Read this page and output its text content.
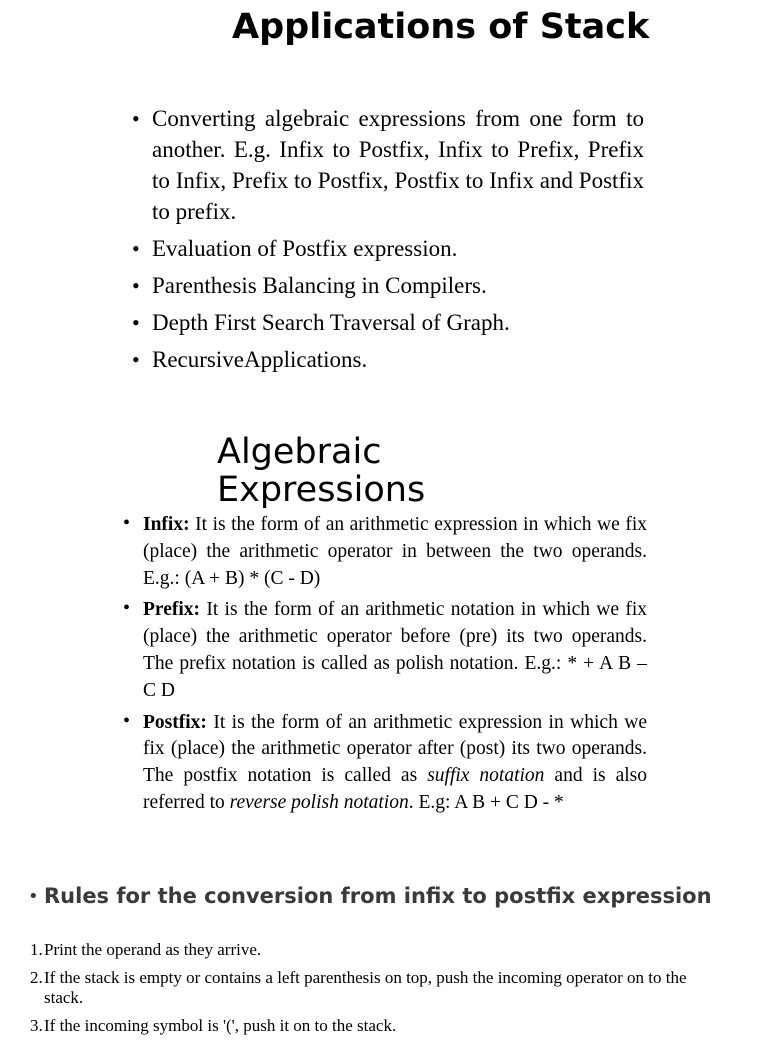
Applications of Stack
• Converting algebraic expressions from one form to another. E.g. Infix to Postfix, Infix to Prefix, Prefix to Infix, Prefix to Postfix, Postfix to Infix and Postfix to prefix.
• Evaluation of Postfix expression.
• Parenthesis Balancing in Compilers.
• Depth First Search Traversal of Graph.
• RecursiveApplications.
Algebraic Expressions
• Infix: It is the form of an arithmetic expression in which we fix (place) the arithmetic operator in between the two operands. E.g.: (A + B) * (C - D)
• Prefix: It is the form of an arithmetic notation in which we fix (place) the arithmetic operator before (pre) its two operands. The prefix notation is called as polish notation. E.g.: * + A B – C D
• Postfix: It is the form of an arithmetic expression in which we fix (place) the arithmetic operator after (post) its two operands. The postfix notation is called as suffix notation and is also referred to reverse polish notation. E.g: A B + C D - *
• Rules for the conversion from infix to postfix expression
1. Print the operand as they arrive.
2. If the stack is empty or contains a left parenthesis on top, push the incoming operator on to the stack.
3. If the incoming symbol is '(', push it on to the stack.
